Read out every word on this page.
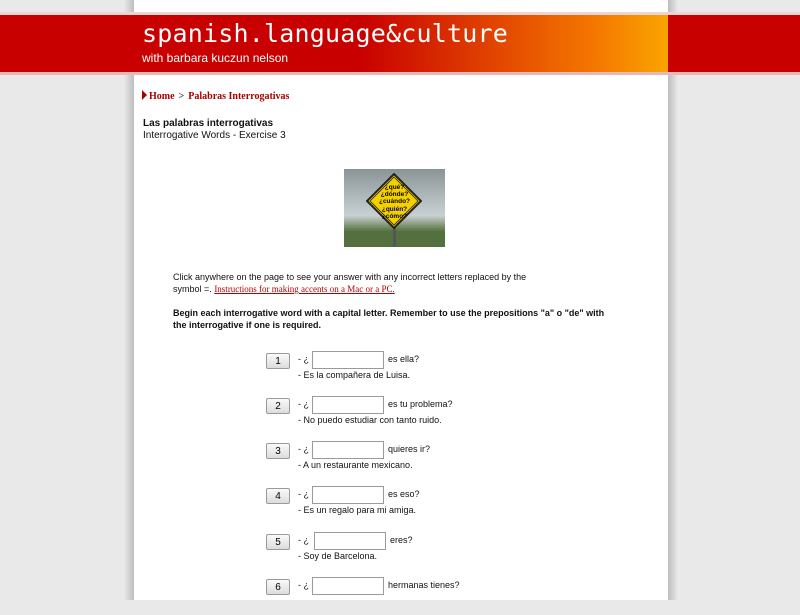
spanish.language&culture
with barbara kuczun nelson
Home > Palabras Interrogativas
Las palabras interrogativas
Interrogative Words - Exercise 3
¿qué?
¿dónde?
¿cuándo?
¿quién?
¿cómo?
Click anywhere on the page to see your answer with any incorrect letters replaced by the symbol =. Instructions for making accents on a Mac or a PC.
Begin each interrogative word with a capital letter. Remember to use the prepositions "a" o "de" with the interrogative if one is required.
1	- ¿	es ella?
- Es la compañera de Luisa.
2	- ¿	es tu problema?
- No puedo estudiar con tanto ruido.
3	- ¿	quieres ir?
- A un restaurante mexicano.
4	- ¿	es eso?
- Es un regalo para mi amiga.
5	- ¿	eres?
- Soy de Barcelona.
6	- ¿	hermanas tienes?
